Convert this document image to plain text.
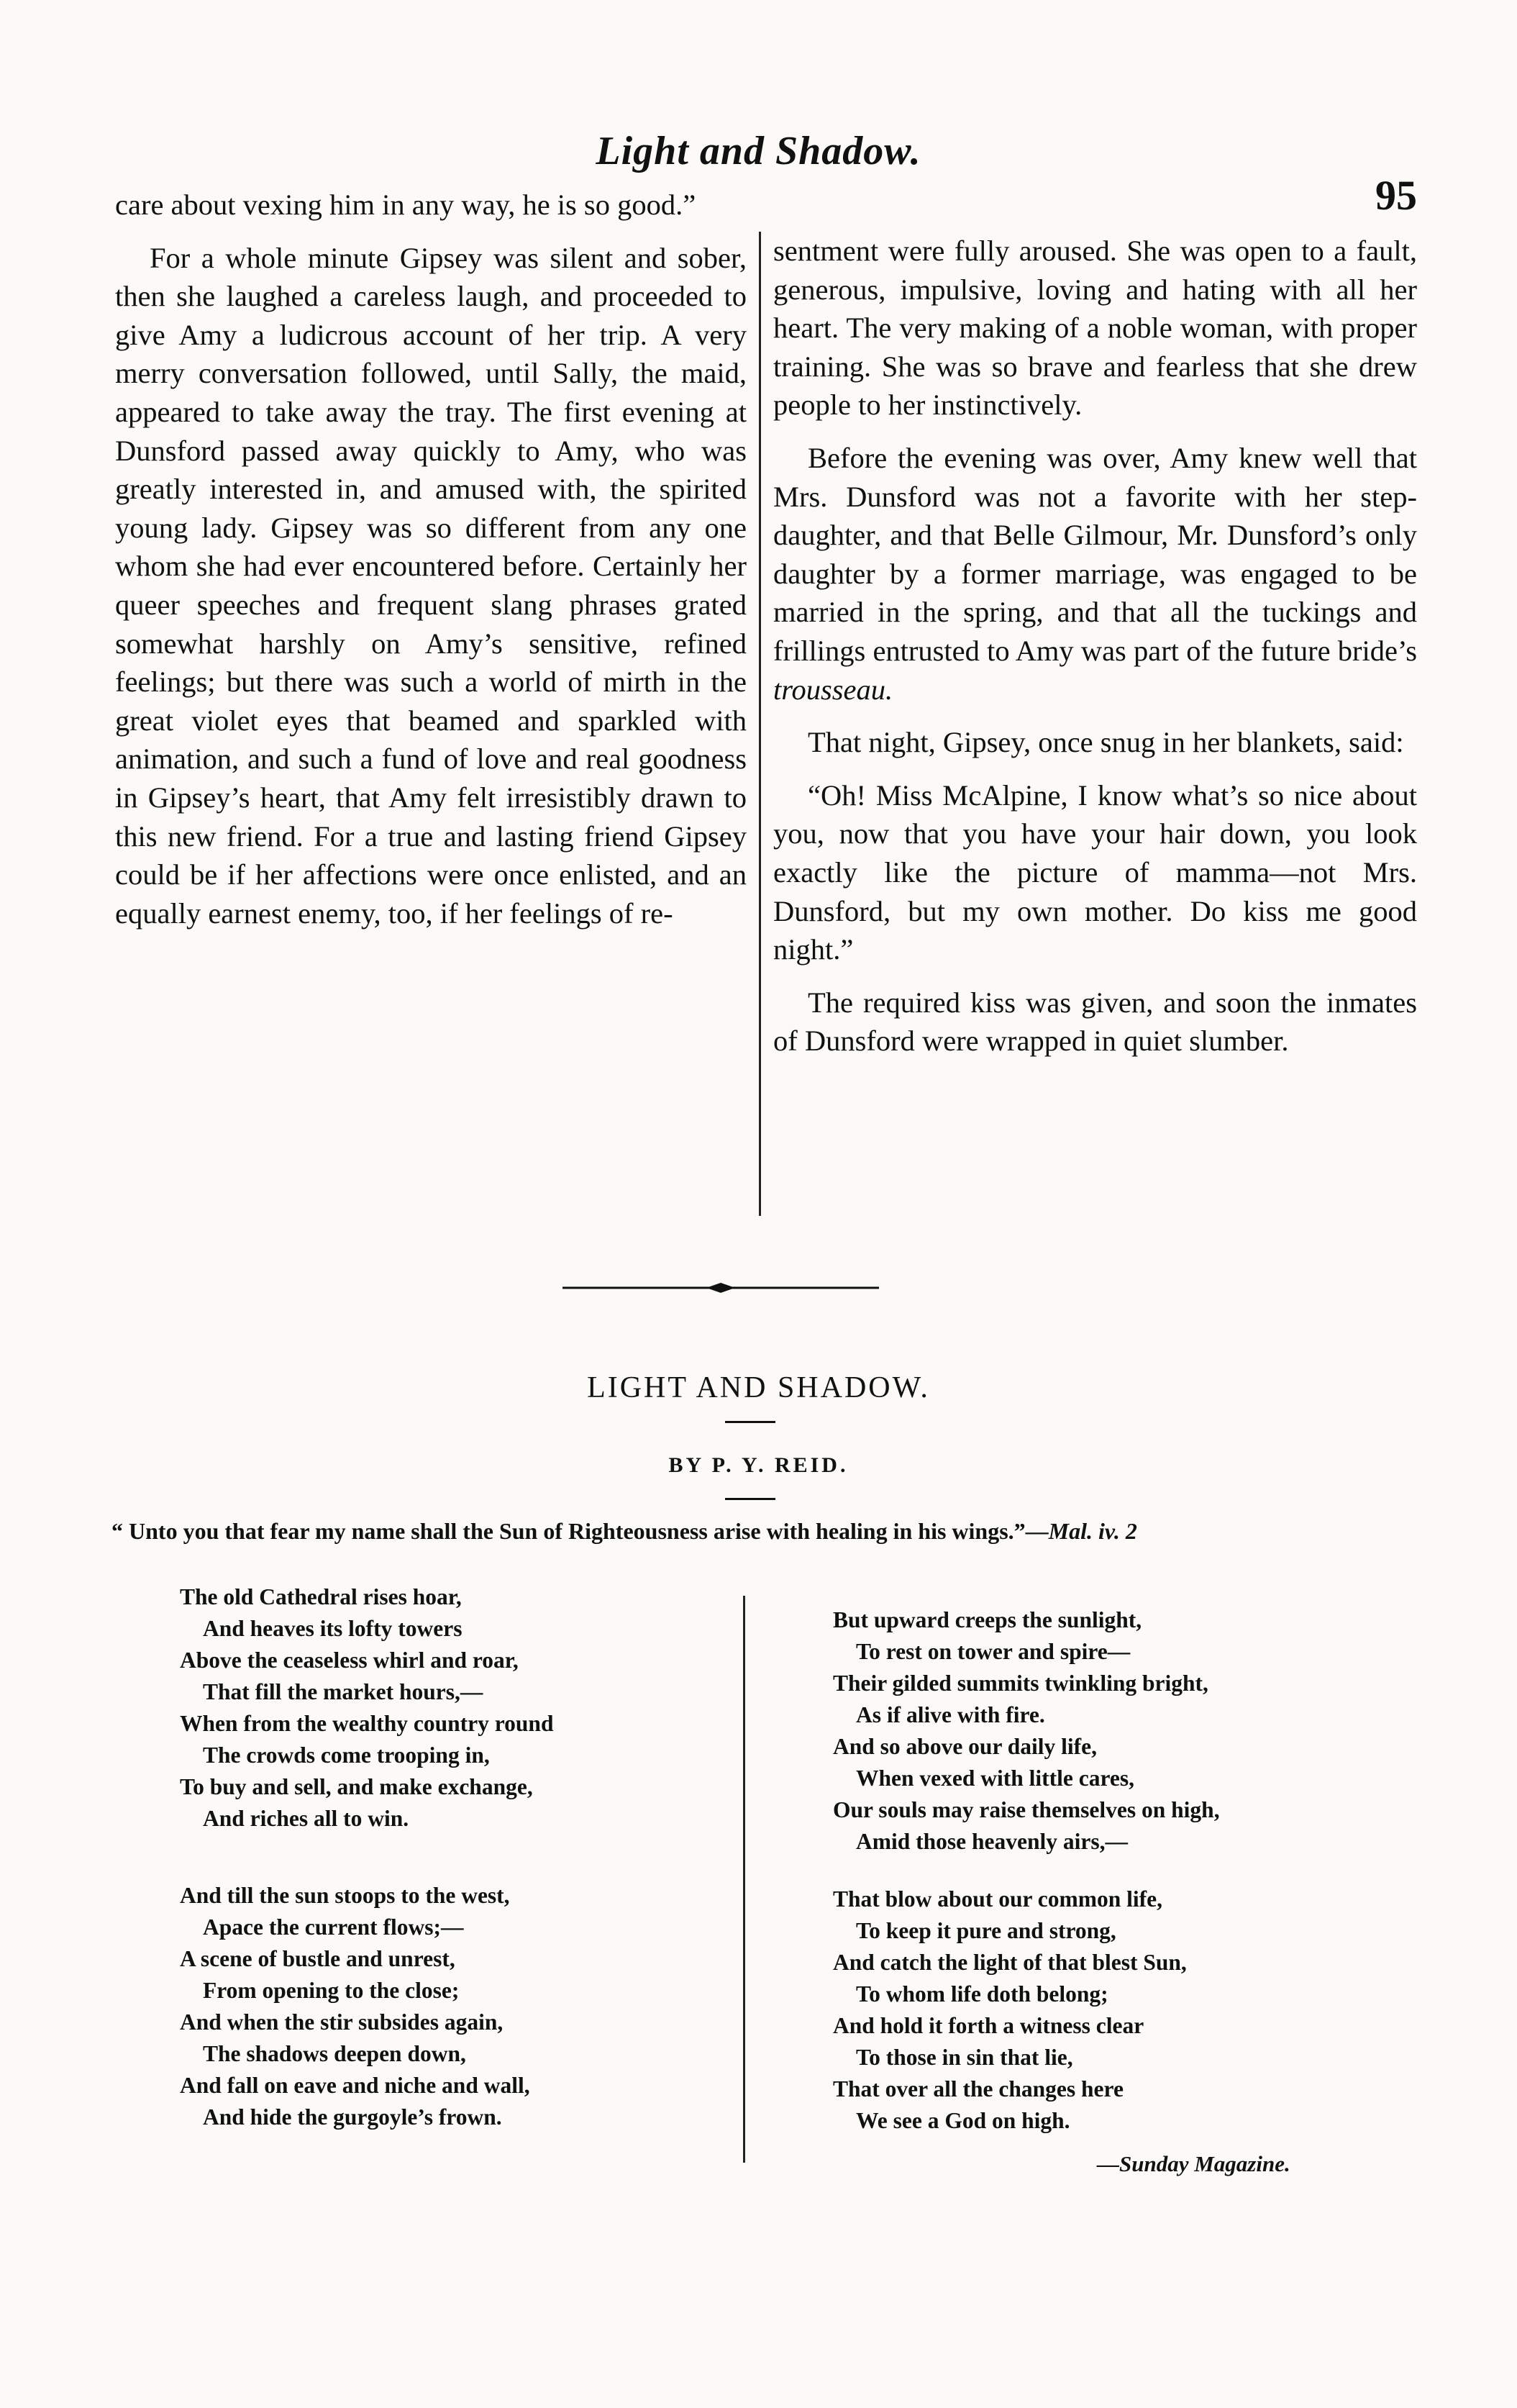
Light and Shadow.
95

care about vexing him in any way, he is so good.”

For a whole minute Gipsey was silent and sober, then she laughed a careless laugh, and proceeded to give Amy a ludicrous account of her trip. A very merry conversation followed, until Sally, the maid, appeared to take away the tray. The first evening at Dunsford passed away quickly to Amy, who was greatly interested in, and amused with, the spirited young lady. Gipsey was so different from any one whom she had ever encountered before. Certainly her queer speeches and frequent slang phrases grated somewhat harshly on Amy’s sensitive, refined feelings; but there was such a world of mirth in the great violet eyes that beamed and sparkled with animation, and such a fund of love and real goodness in Gipsey’s heart, that Amy felt irresistibly drawn to this new friend. For a true and lasting friend Gipsey could be if her affections were once enlisted, and an equally earnest enemy, too, if her feelings of re-

sentment were fully aroused. She was open to a fault, generous, impulsive, loving and hating with all her heart. The very making of a noble woman, with proper training. She was so brave and fearless that she drew people to her instinctively.

Before the evening was over, Amy knew well that Mrs. Dunsford was not a favorite with her step-daughter, and that Belle Gilmour, Mr. Dunsford’s only daughter by a former marriage, was engaged to be married in the spring, and that all the tuckings and frillings entrusted to Amy was part of the future bride’s trousseau.

That night, Gipsey, once snug in her blankets, said:

“Oh! Miss McAlpine, I know what’s so nice about you, now that you have your hair down, you look exactly like the picture of mamma—not Mrs. Dunsford, but my own mother. Do kiss me good night.”

The required kiss was given, and soon the inmates of Dunsford were wrapped in quiet slumber.

LIGHT AND SHADOW.
BY P. Y. REID.
“ Unto you that fear my name shall the Sun of Righteousness arise with healing in his wings.”—Mal. iv. 2
The old Cathedral rises hoar,
And heaves its lofty towers
Above the ceaseless whirl and roar,
That fill the market hours,—
When from the wealthy country round
The crowds come trooping in,
To buy and sell, and make exchange,
And riches all to win.
And till the sun stoops to the west,
Apace the current flows;—
A scene of bustle and unrest,
From opening to the close;
And when the stir subsides again,
The shadows deepen down,
And fall on eave and niche and wall,
And hide the gurgoyle’s frown.
But upward creeps the sunlight,
To rest on tower and spire—
Their gilded summits twinkling bright,
As if alive with fire.
And so above our daily life,
When vexed with little cares,
Our souls may raise themselves on high,
Amid those heavenly airs,—
That blow about our common life,
To keep it pure and strong,
And catch the light of that blest Sun,
To whom life doth belong;
And hold it forth a witness clear
To those in sin that lie,
That over all the changes here
We see a God on high.
—Sunday Magazine.
